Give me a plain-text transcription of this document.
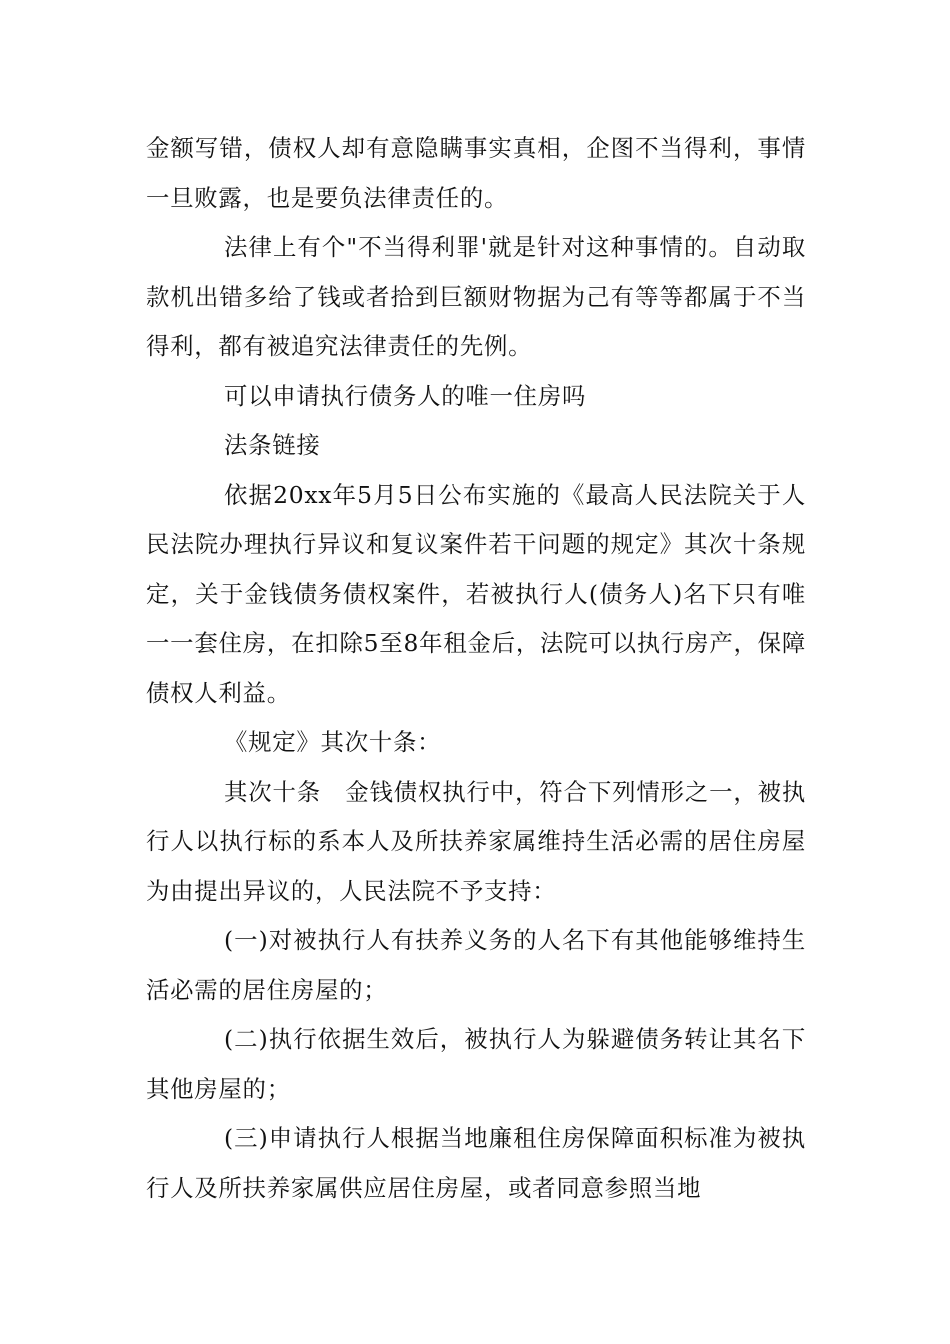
金额写错，债权人却有意隐瞒事实真相，企图不当得利，事情一旦败露，也是要负法律责任的。

法律上有个"不当得利罪'就是针对这种事情的。自动取款机出错多给了钱或者拾到巨额财物据为己有等等都属于不当得利，都有被追究法律责任的先例。

可以申请执行债务人的唯一住房吗

法条链接

依据20xx年5月5日公布实施的《最高人民法院关于人民法院办理执行异议和复议案件若干问题的规定》其次十条规定，关于金钱债务债权案件，若被执行人(债务人)名下只有唯一一套住房，在扣除5至8年租金后，法院可以执行房产，保障债权人利益。

《规定》其次十条：

其次十条　金钱债权执行中，符合下列情形之一，被执行人以执行标的系本人及所扶养家属维持生活必需的居住房屋为由提出异议的，人民法院不予支持：

(一)对被执行人有扶养义务的人名下有其他能够维持生活必需的居住房屋的；

(二)执行依据生效后，被执行人为躲避债务转让其名下其他房屋的；

(三)申请执行人根据当地廉租住房保障面积标准为被执行人及所扶养家属供应居住房屋，或者同意参照当地
